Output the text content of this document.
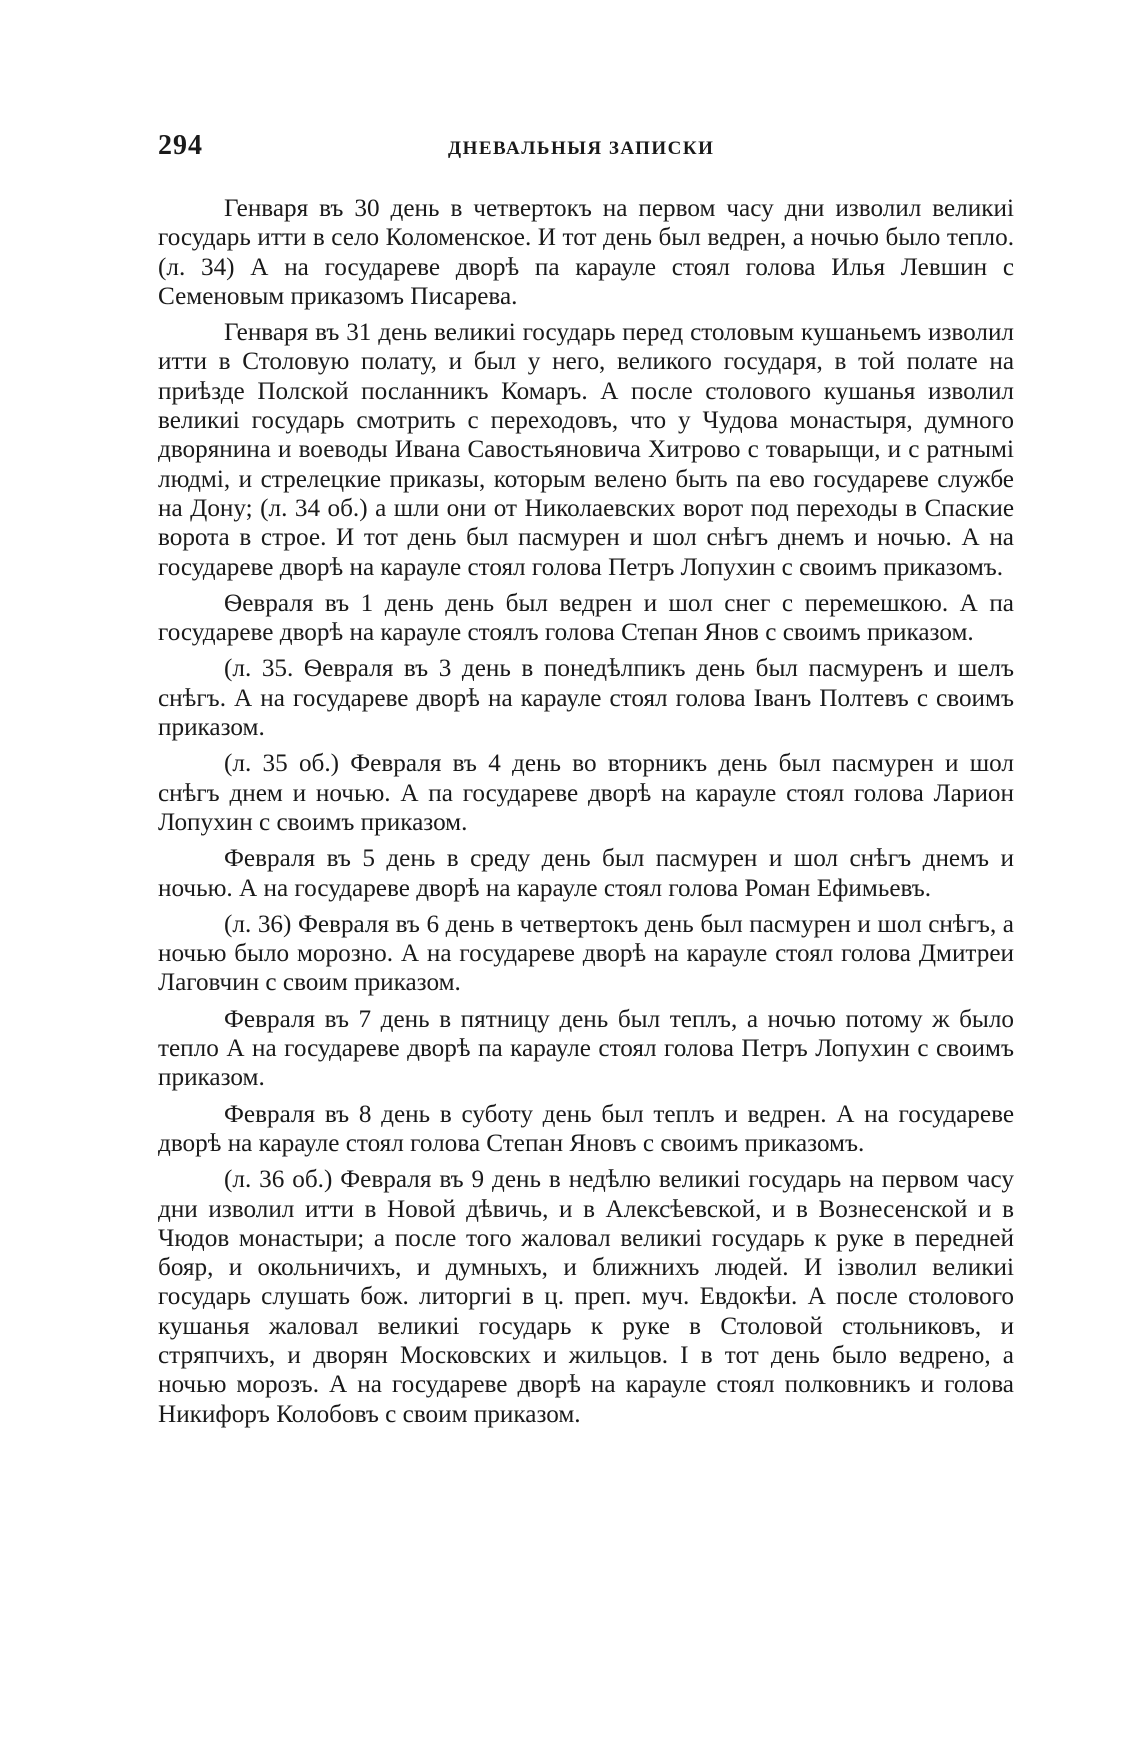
294	ДНЕВАЛЬНЫЯ ЗАПИСКИ

Генваря въ 30 день в четвертокъ на первом часу дни изволил великиі государь итти в село Коломенское. И тот день был ведрен, а ночью было тепло. (л. 34) А на государеве дворѣ па карауле стоял голова Илья Левшин с Семеновым приказомъ Писарева.

Генваря въ 31 день великиі государь перед столовым кушаньемъ изволил итти в Столовую полату, и был у него, великого государя, в той полате на приѣзде Полской посланникъ Комаръ. А после столового кушанья изволил великиі государь смотрить с переходовъ, что у Чудова монастыря, думного дворянина и воеводы Ивана Савостьяновича Хитрово с товарыщи, и с ратнымі людмі, и стрелецкие приказы, которым велено быть па ево государеве службе на Дону; (л. 34 об.) а шли они от Николаевских ворот под переходы в Спаские ворота в строе. И тот день был пасмурен и шол снѣгъ днемъ и ночью. А на государеве дворѣ на карауле стоял голова Петръ Лопухин с своимъ приказомъ.

Ѳевраля въ 1 день день был ведрен и шол снег с перемешкою. А па государеве дворѣ на карауле стоялъ голова Степан Янов с своимъ приказом.

(л. 35. Ѳевраля въ 3 день в понедѣлпикъ день был пасмуренъ и шелъ снѣгъ. А на государеве дворѣ на карауле стоял голова Іванъ Полтевъ с своимъ приказом.

(л. 35 об.) Февраля въ 4 день во вторникъ день был пасмурен и шол снѣгъ днем и ночью. А па государеве дворѣ на карауле стоял голова Ларион Лопухин с своимъ приказом.

Февраля въ 5 день в среду день был пасмурен и шол снѣгъ днемъ и ночью. А на государеве дворѣ на карауле стоял голова Роман Ефимьевъ.

(л. 36) Февраля въ 6 день в четвертокъ день был пасмурен и шол снѣгъ, а ночью было морозно. А на государеве дворѣ на карауле стоял голова Дмитреи Лаговчин с своим приказом.

Февраля въ 7 день в пятницу день был теплъ, а ночью потому ж было тепло А на государеве дворѣ па карауле стоял голова Петръ Лопухин с своимъ приказом.

Февраля въ 8 день в суботу день был теплъ и ведрен. А на государеве дворѣ на карауле стоял голова Степан Яновъ с своимъ приказомъ.

(л. 36 об.) Февраля въ 9 день в недѣлю великиі государь на первом часу дни изволил итти в Новой дѣвичь, и в Алексѣевской, и в Вознесенской и в Чюдов монастыри; а после того жаловал великиі государь к руке в передней бояр, и окольничихъ, и думныхъ, и ближнихъ людей. И ізволил великиі государь слушать бож. литоргиі в ц. преп. муч. Евдокѣи. А после столового кушанья жаловал великиі государь к руке в Столовой стольниковъ, и стряпчихъ, и дворян Московских и жильцов. І в тот день было ведрено, а ночью морозъ. А на государеве дворѣ на карауле стоял полковникъ и голова Никифоръ Колобовъ с своим приказом.
